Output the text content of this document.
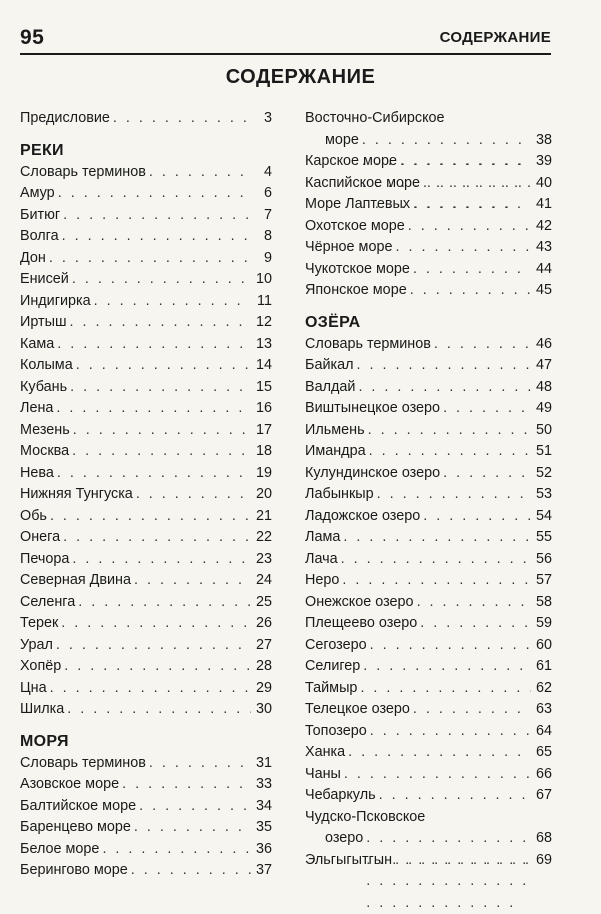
95	СОДЕРЖАНИЕ
СОДЕРЖАНИЕ
Предисловие . . .	3
РЕКИ
Словарь терминов . . .	4
Амур . . .	6
Битюг . . .	7
Волга . . .	8
Дон . . .	9
Енисей . . .	10
Индигирка . . .	11
Иртыш . . .	12
Кама . . .	13
Колыма . . .	14
Кубань . . .	15
Лена . . .	16
Мезень . . .	17
Москва . . .	18
Нева . . .	19
Нижняя Тунгуска . . .	20
Обь . . .	21
Онега . . .	22
Печора . . .	23
Северная Двина . . .	24
Селенга . . .	25
Терек . . .	26
Урал . . .	27
Хопёр . . .	28
Цна . . .	29
Шилка . . .	30
МОРЯ
Словарь терминов . . .	31
Азовское море . . .	33
Балтийское море . . .	34
Баренцево море . . .	35
Белое море . . .	36
Берингово море . . .	37
Восточно-Сибирское
море . . .	38
Карское море . . .	39
Каспийское море . . .	40
Море Лаптевых . . .	41
Охотское море . . .	42
Чёрное море . . .	43
Чукотское море . . .	44
Японское море . . .	45
ОЗЁРА
Словарь терминов . . .	46
Байкал . . .	47
Валдай . . .	48
Виштынецкое озеро . . .	49
Ильмень . . .	50
Имандра . . .	51
Кулундинское озеро . . .	52
Лабынкыр . . .	53
Ладожское озеро . . .	54
Лама . . .	55
Лача . . .	56
Неро . . .	57
Онежское озеро . . .	58
Плещеево озеро . . .	59
Сегозеро . . .	60
Селигер . . .	61
Таймыр . . .	62
Телецкое озеро . . .	63
Топозеро . . .	64
Ханка . . .	65
Чаны . . .	66
Чебаркуль . . .	67
Чудско-Псковское
озеро . . .	68
Эльгыгытгын . . .	69
